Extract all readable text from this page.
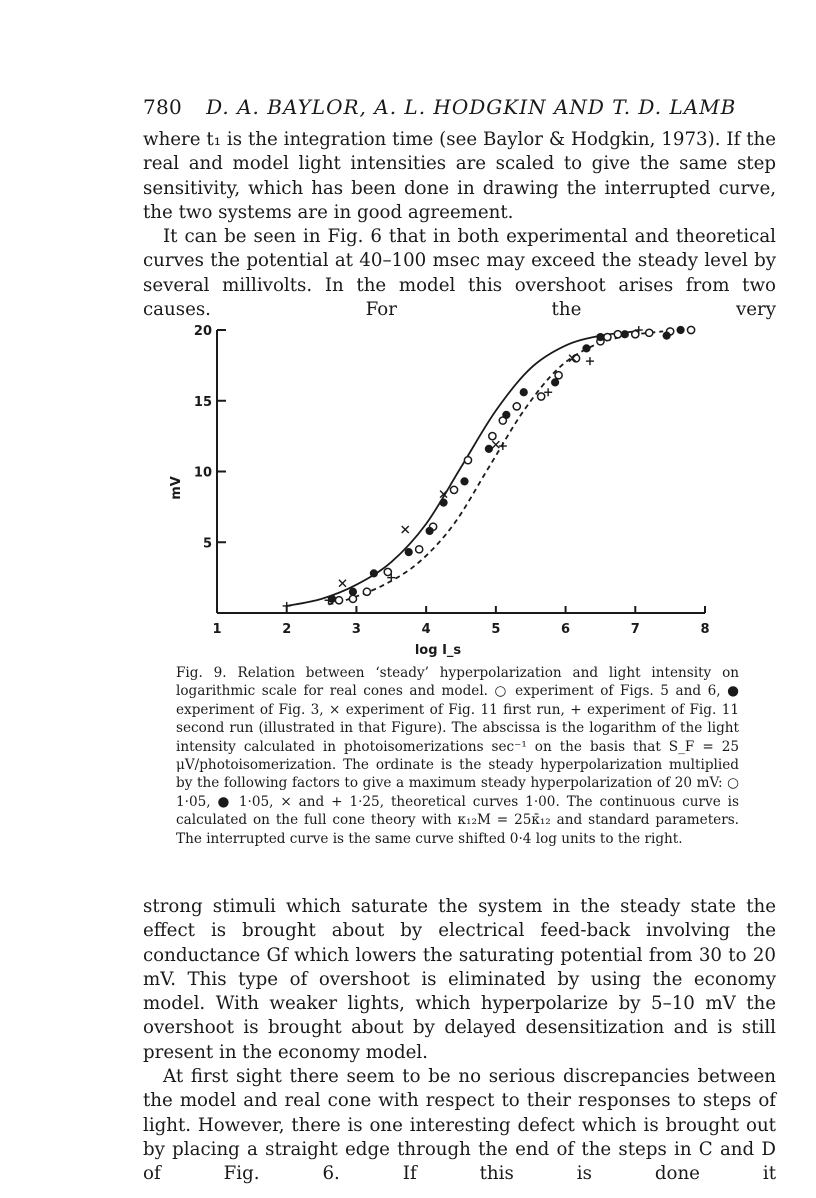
780 D. A. BAYLOR, A. L. HODGKIN AND T. D. LAMB

where t₁ is the integration time (see Baylor & Hodgkin, 1973). If the real and model light intensities are scaled to give the same step sensitivity, which has been done in drawing the interrupted curve, the two systems are in good agreement.

It can be seen in Fig. 6 that in both experimental and theoretical curves the potential at 40–100 msec may exceed the steady level by several millivolts. In the model this overshoot arises from two causes. For the very

1	2	3	4	5	6	7	8
5
10
15
20
log I_s
mV

Fig. 9. Relation between ‘steady’ hyperpolarization and light intensity on logarithmic scale for real cones and model. ○ experiment of Figs. 5 and 6, ● experiment of Fig. 3, × experiment of Fig. 11 first run, + experiment of Fig. 11 second run (illustrated in that Figure). The abscissa is the logarithm of the light intensity calculated in photoisomerizations sec⁻¹ on the basis that S_F = 25 μV/photoisomerization. The ordinate is the steady hyperpolarization multiplied by the following factors to give a maximum steady hyperpolarization of 20 mV: ○ 1·05, ● 1·05, × and + 1·25, theoretical curves 1·00. The continuous curve is calculated on the full cone theory with κ₁₂M = 25κ̄₁₂ and standard parameters. The interrupted curve is the same curve shifted 0·4 log units to the right.

strong stimuli which saturate the system in the steady state the effect is brought about by electrical feed-back involving the conductance Gf which lowers the saturating potential from 30 to 20 mV. This type of overshoot is eliminated by using the economy model. With weaker lights, which hyperpolarize by 5–10 mV the overshoot is brought about by delayed desensitization and is still present in the economy model.

At first sight there seem to be no serious discrepancies between the model and real cone with respect to their responses to steps of light. However, there is one interesting defect which is brought out by placing a straight edge through the end of the steps in C and D of Fig. 6. If this is done it
